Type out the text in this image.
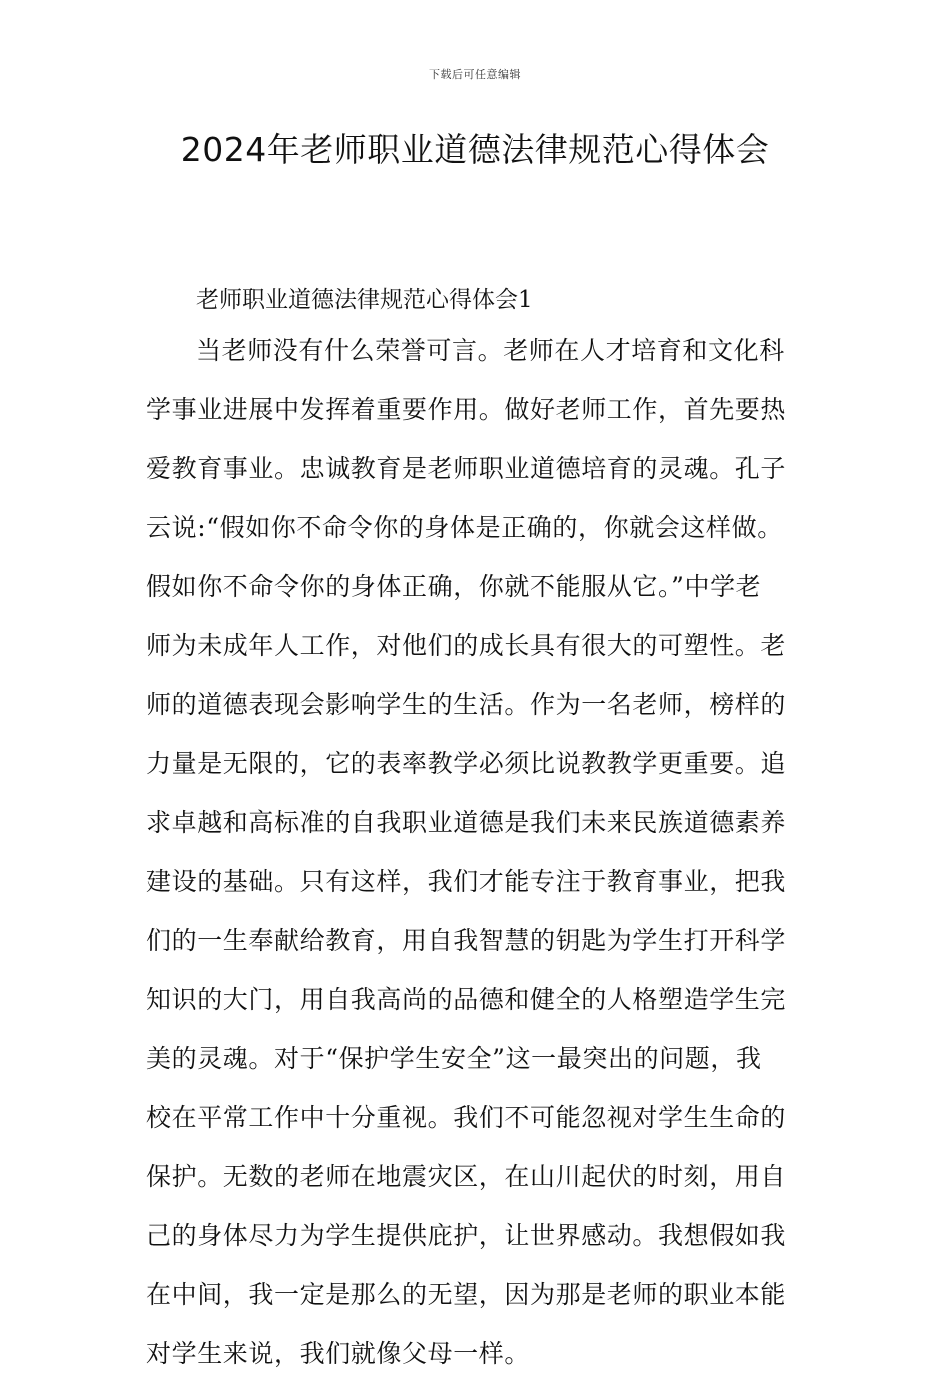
下载后可任意编辑
2024年老师职业道德法律规范心得体会
老师职业道德法律规范心得体会1
当老师没有什么荣誉可言。老师在人才培育和文化科
学事业进展中发挥着重要作用。做好老师工作，首先要热
爱教育事业。忠诚教育是老师职业道德培育的灵魂。孔子
云说:“假如你不命令你的身体是正确的，你就会这样做。
假如你不命令你的身体正确，你就不能服从它。”中学老
师为未成年人工作，对他们的成长具有很大的可塑性。老
师的道德表现会影响学生的生活。作为一名老师，榜样的
力量是无限的，它的表率教学必须比说教教学更重要。追
求卓越和高标准的自我职业道德是我们未来民族道德素养
建设的基础。只有这样，我们才能专注于教育事业，把我
们的一生奉献给教育，用自我智慧的钥匙为学生打开科学
知识的大门，用自我高尚的品德和健全的人格塑造学生完
美的灵魂。对于“保护学生安全”这一最突出的问题，我
校在平常工作中十分重视。我们不可能忽视对学生生命的
保护。无数的老师在地震灾区，在山川起伏的时刻，用自
己的身体尽力为学生提供庇护，让世界感动。我想假如我
在中间，我一定是那么的无望，因为那是老师的职业本能
对学生来说，我们就像父母一样。
